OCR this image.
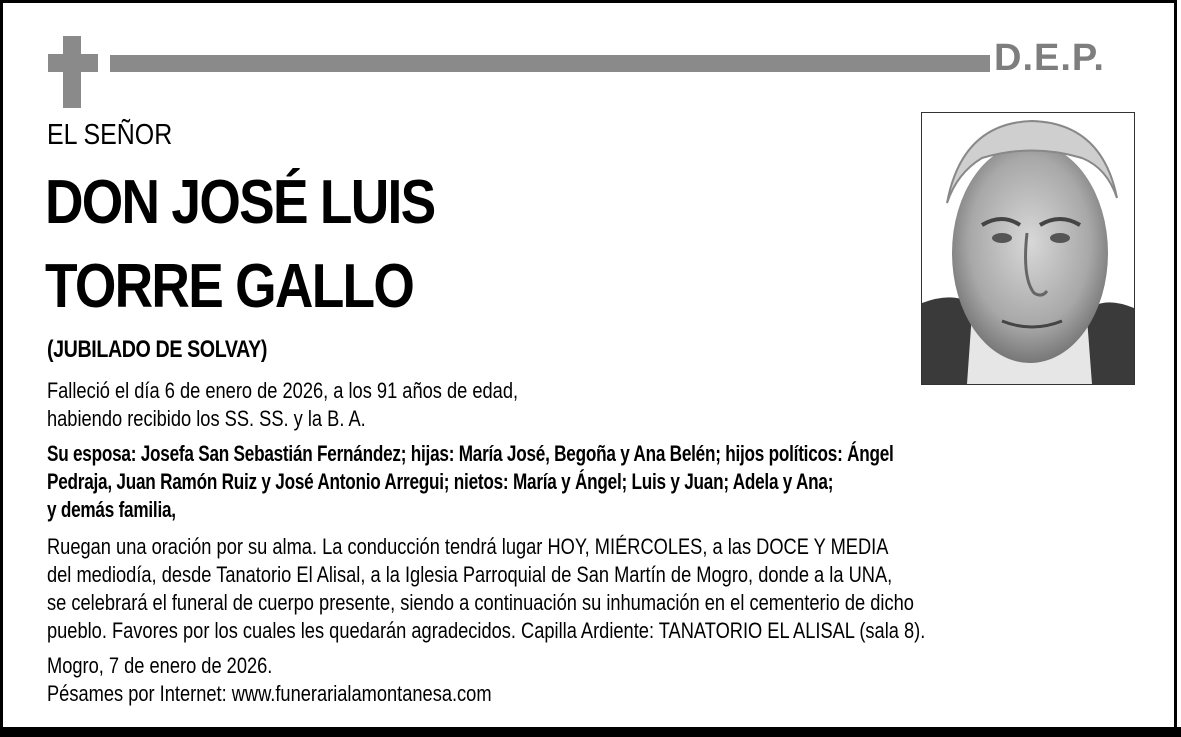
D.E.P.
EL SEÑOR
DON JOSÉ LUIS
TORRE GALLO
(JUBILADO DE SOLVAY)
Falleció el día 6 de enero de 2026, a los 91 años de edad,
habiendo recibido los SS. SS. y la B. A.
Su esposa: Josefa San Sebastián Fernández; hijas: María José, Begoña y Ana Belén; hijos políticos: Ángel
Pedraja, Juan Ramón Ruiz y José Antonio Arregui; nietos: María y Ángel; Luis y Juan; Adela y Ana;
y demás familia,
Ruegan una oración por su alma. La conducción tendrá lugar HOY, MIÉRCOLES, a las DOCE Y MEDIA
del mediodía, desde Tanatorio El Alisal, a la Iglesia Parroquial de San Martín de Mogro, donde a la UNA,
se celebrará el funeral de cuerpo presente, siendo a continuación su inhumación en el cementerio de dicho
pueblo. Favores por los cuales les quedarán agradecidos. Capilla Ardiente: TANATORIO EL ALISAL (sala 8).
Mogro, 7 de enero de 2026.
Pésames por Internet: www.funerarialamontanesa.com
